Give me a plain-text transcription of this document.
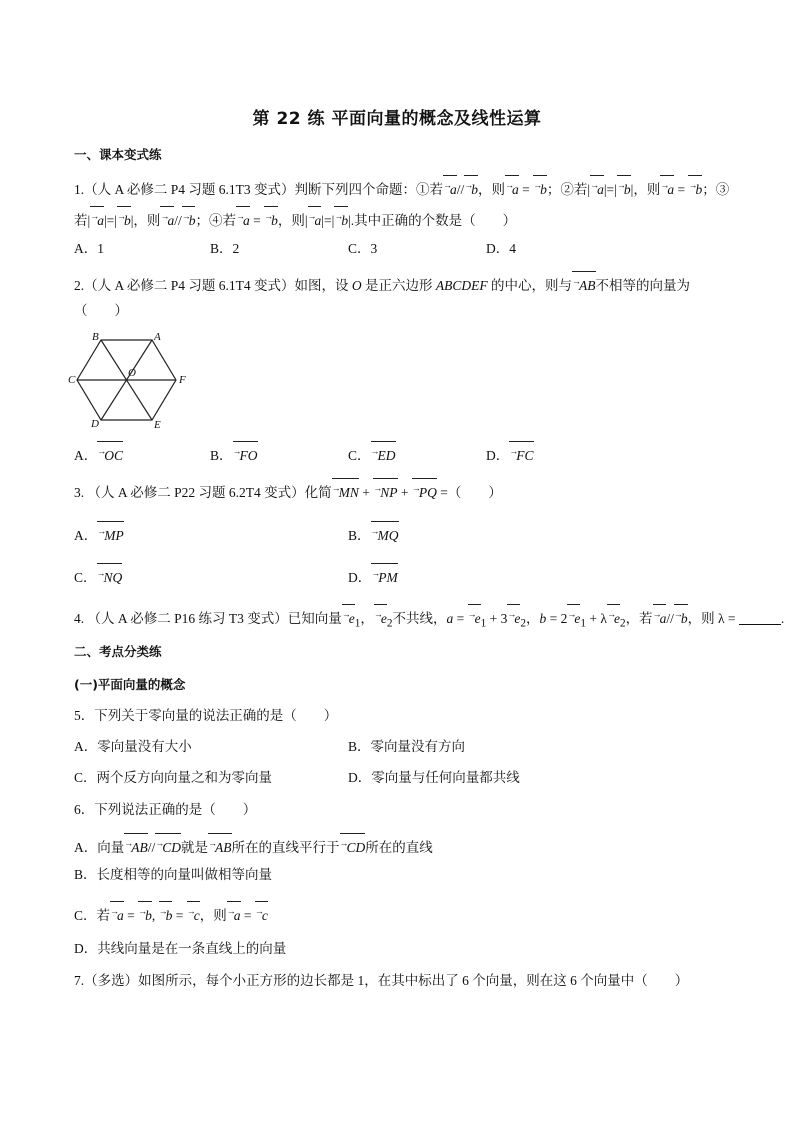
第 22 练 平面向量的概念及线性运算
一、课本变式练
1.（人 A 必修二 P4 习题 6.1T3 变式）判断下列四个命题：①若→a//→b，则→a = →b；②若|→a|=|→b|，则→a = →b；③
若|→a|=|→b|，则→a//→b；④若→a = →b，则|→a|=|→b|.其中正确的个数是（　　）
A．1	B．2	C．3	D．4
2.（人 A 必修二 P4 习题 6.1T4 变式）如图，设 O 是正六边形 ABCDEF 的中心，则与→AB不相等的向量为
（　　）
B	A
C
O
F
D	E
A．→OC	B．→FO	C．→ED	D．→FC
3. （人 A 必修二 P22 习题 6.2T4 变式）化简→MN + →NP + →PQ =（　　）
A．→MP	B．→MQ
C．→NQ	D．→PM
4. （人 A 必修二 P16 练习 T3 变式）已知向量$^\to e_1$，$^\to e_2$不共线，$a = ^\to e_1 + 3^\to e_2$，$b = 2^\to e_1 + \lambda^\to e_2$，若→a//→b，则 λ =	.
二、考点分类练
(一)平面向量的概念
5．下列关于零向量的说法正确的是（　　）
A．零向量没有大小	B．零向量没有方向
C．两个反方向向量之和为零向量	D．零向量与任何向量都共线
6．下列说法正确的是（　　）
A．向量→AB//→CD就是→AB所在的直线平行于→CD所在的直线
B．长度相等的向量叫做相等向量
C．若→a = →b, →b = →c，则→a = →c
D．共线向量是在一条直线上的向量
7.（多选）如图所示，每个小正方形的边长都是 1，在其中标出了 6 个向量，则在这 6 个向量中（　　）
